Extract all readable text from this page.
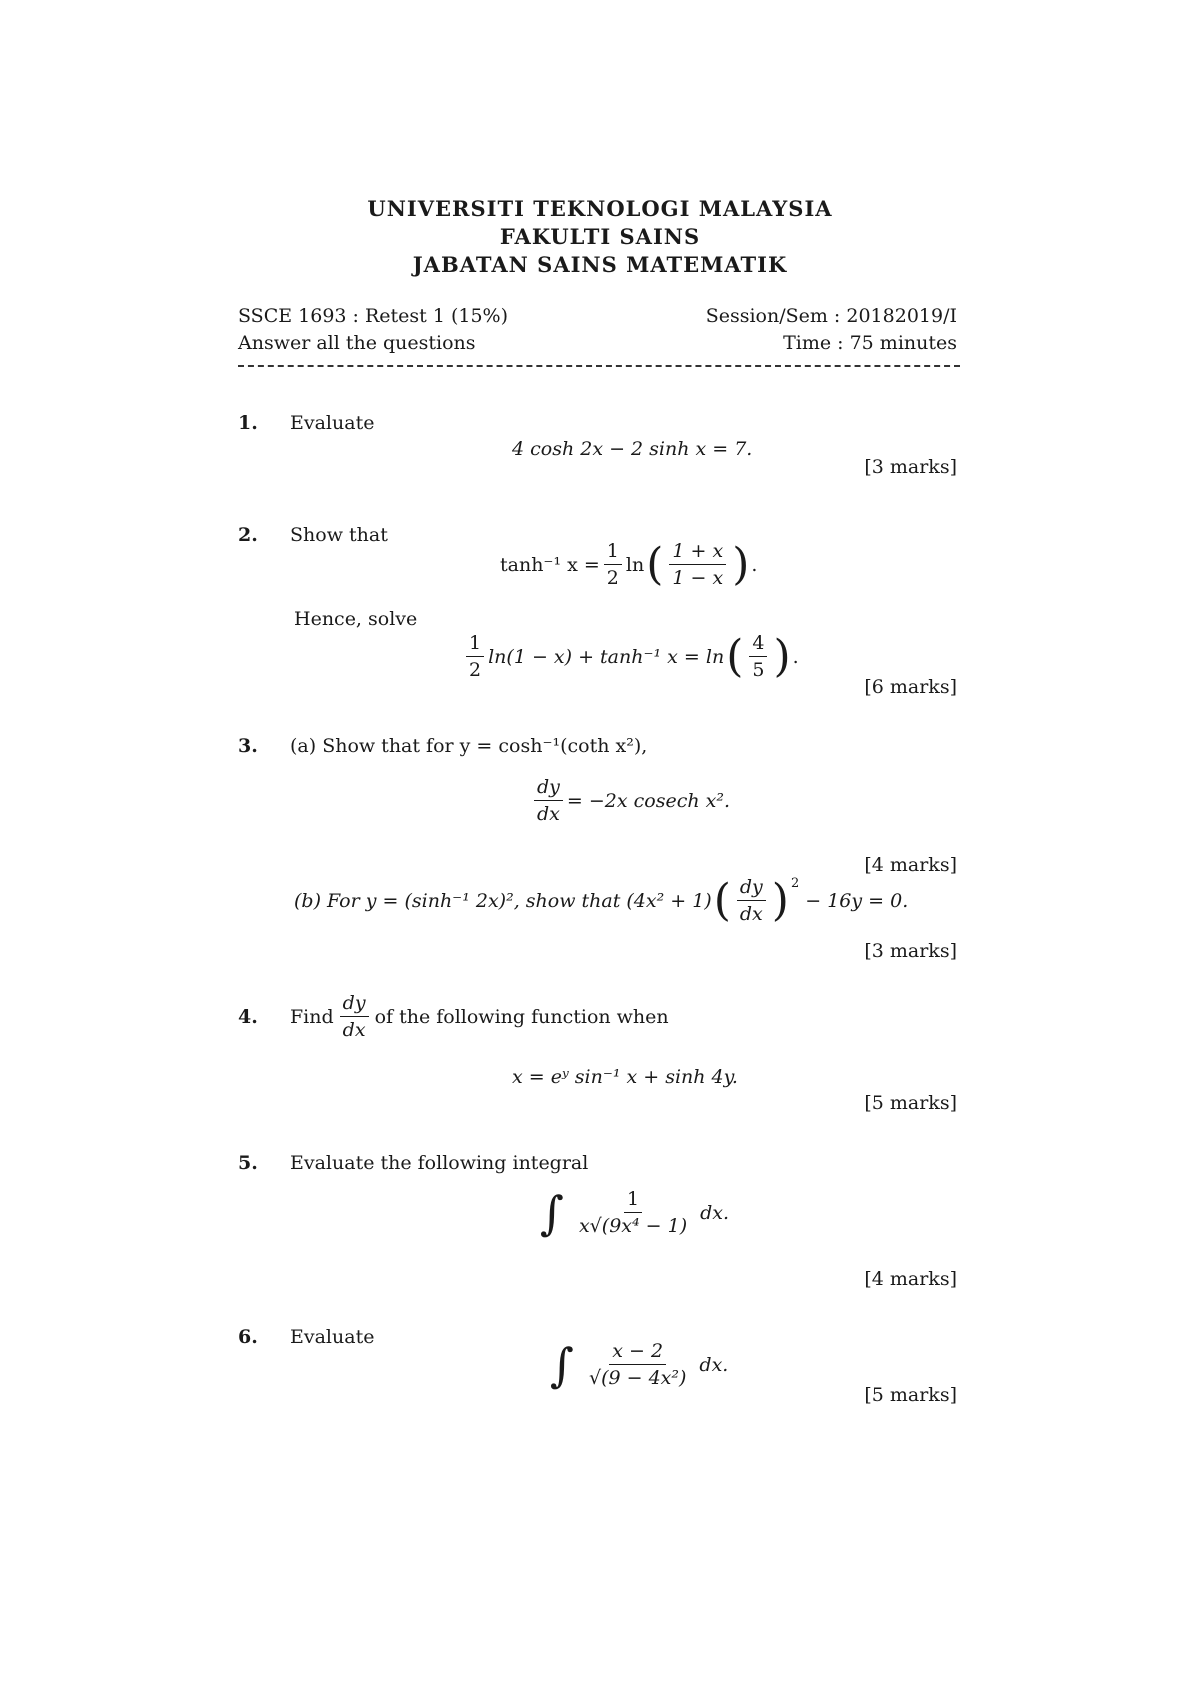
UNIVERSITI TEKNOLOGI MALAYSIA
FAKULTI SAINS
JABATAN SAINS MATEMATIK
SSCE 1693 : Retest 1 (15%)	Session/Sem : 20182019/I
Answer all the questions	Time : 75 minutes
1. Evaluate
4 cosh 2x − 2 sinh x = 7.
[3 marks]
2. Show that
tanh⁻¹ $x = \frac{1}{2}$ ln ( $\frac{1 + x}{1 - x}$ ) .
Hence, solve
$\frac{1}{2} \ln(1 - x) + \tanh^{-1}$ x = ln ( $\frac{4}{5}$ ) .
[6 marks]
3. (a) Show that for y = cosh⁻¹(coth x²),
$\frac{dy}{dx} = -2x$ cosech x².
[4 marks]
(b) For y = (sinh⁻¹ 2x)², show that (4x² + 1) ( $\frac{dy}{dx} )^2$
− 16y = 0.
[3 marks]
4.	Find $\frac{dy}{dx}$ of the following function when
x = eʸ sin⁻¹ x + sinh 4y.
[5 marks]
5. Evaluate the following integral
∫ $\frac{1}{\text{x√(9x⁴ − 1)}}$ dx.
[4 marks]
6. Evaluate
∫ $\frac{x - 2}{\text{√(9 − 4x²)}}$ dx.
[5 marks]
